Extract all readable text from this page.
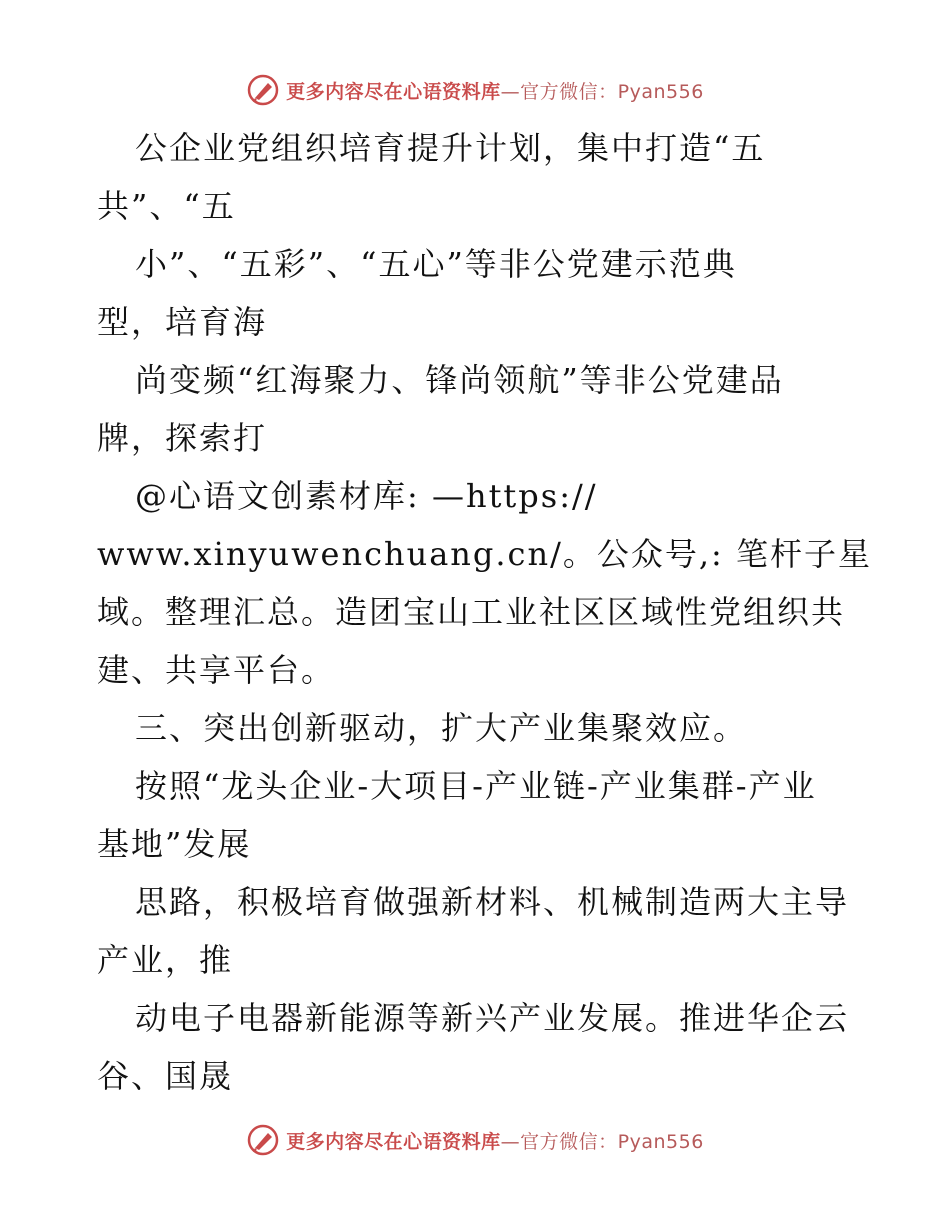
更多内容尽在心语资料库—官方微信：Pyan556
公企业党组织培育提升计划，集中打造“五
共”、“五
小”、“五彩”、“五心”等非公党建示范典
型，培育海
尚变频“红海聚力、锋尚领航”等非公党建品
牌，探索打
@心语文创素材库: —https://
www.xinyuwenchuang.cn/。公众号,: 笔杆子星
域。整理汇总。造团宝山工业社区区域性党组织共
建、共享平台。
三、突出创新驱动，扩大产业集聚效应。
按照“龙头企业-大项目-产业链-产业集群-产业
基地”发展
思路，积极培育做强新材料、机械制造两大主导
产业，推
动电子电器新能源等新兴产业发展。推进华企云
谷、国晟
更多内容尽在心语资料库—官方微信：Pyan556
